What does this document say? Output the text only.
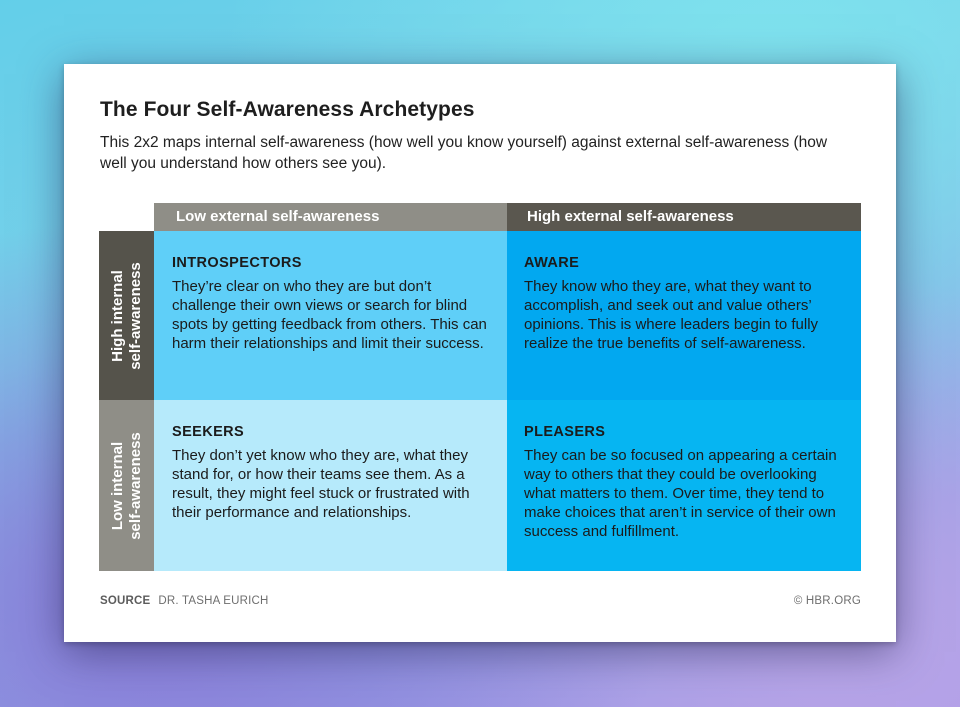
The Four Self-Awareness Archetypes

This 2x2 maps internal self-awareness (how well you know yourself) against external self-awareness (how well you understand how others see you).

Low external self-awareness	High external self-awareness
High internal self-awareness
Low internal self-awareness

INTROSPECTORS

They’re clear on who they are but don’t challenge their own views or search for blind spots by getting feedback from others. This can harm their relationships and limit their success.

AWARE

They know who they are, what they want to accomplish, and seek out and value others’ opinions. This is where leaders begin to fully realize the true benefits of self-awareness.

SEEKERS

They don’t yet know who they are, what they stand for, or how their teams see them. As a result, they might feel stuck or frustrated with their performance and relationships.

PLEASERS

They can be so focused on appearing a certain way to others that they could be overlooking what matters to them. Over time, they tend to make choices that aren’t in service of their own success and fulfillment.

SOURCE DR. TASHA EURICH	© HBR.ORG
